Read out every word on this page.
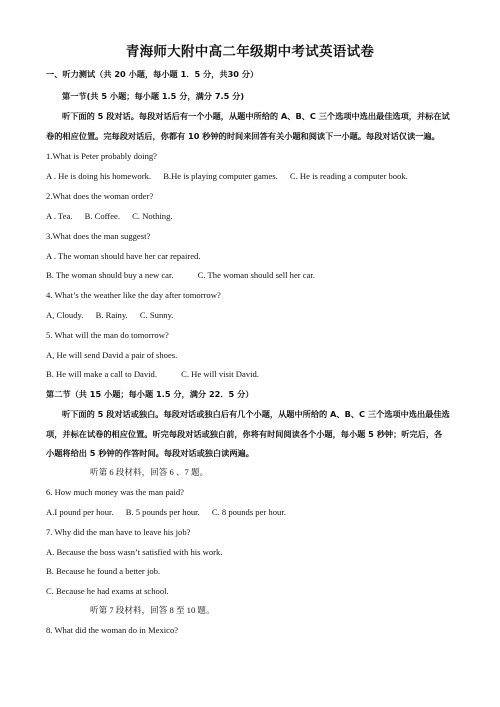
青海师大附中高二年级期中考试英语试卷
一、听力测试（共 20 小题，每小题 1．5 分，共30 分）
第一节(共 5 小题；每小题 1.5 分，满分 7.5 分)
听下面的 5 段对话。每段对话后有一个小题，从题中所给的 A、B、C 三个选项中选出最佳选项，并标在试
卷的相应位置。完每段对话后，你都有 10 秒钟的时间来回答有关小题和阅读下一小题。每段对话仅读一遍。
1.What is Peter probably doing?
A . He is doing his homework. B.He is playing computer games. C. He is reading a computer book.
2.What does the woman order?
A . Tea. B. Coffee. C. Nothing.
3.What does the man suggest?
A . The woman should have her car repaired.
B. The woman should buy a new car.	C. The woman should sell her car.
4. What’s the weather like the day after tomorrow?
A, Cloudy. B. Rainy. C. Sunny.
5. What will the man do tomorrow?
A, He will send David a pair of shoes.
B. He will make a call to David.	C. He will visit David.
第二节（共 15 小题；每小题 1.5 分，满分 22．5 分）
听下面的 5 段对话或独白。每段对话或独白后有几个小题，从题中所给的 A、B、C 三个选项中选出最佳选
项，并标在试卷的相应位置。听完每段对话或独白前，你将有时间阅读各个小题，每小题 5 秒钟；听完后，各
小题将给出 5 秒钟的作答时间。每段对话或独白读两遍。
听第 6 段材料，回答 6 、7 题。
6. How much money was the man paid?
A.I pound per hour. B. 5 pounds per hour. C. 8 pounds per hour.
7. Why did the man have to leave his job?
A. Because the boss wasn’t satisfied with his work.
B. Because he found a better job.
C. Because he had exams at school.
听第 7 段材料，回答 8 至 10 题。
8. What did the woman do in Mexico?
